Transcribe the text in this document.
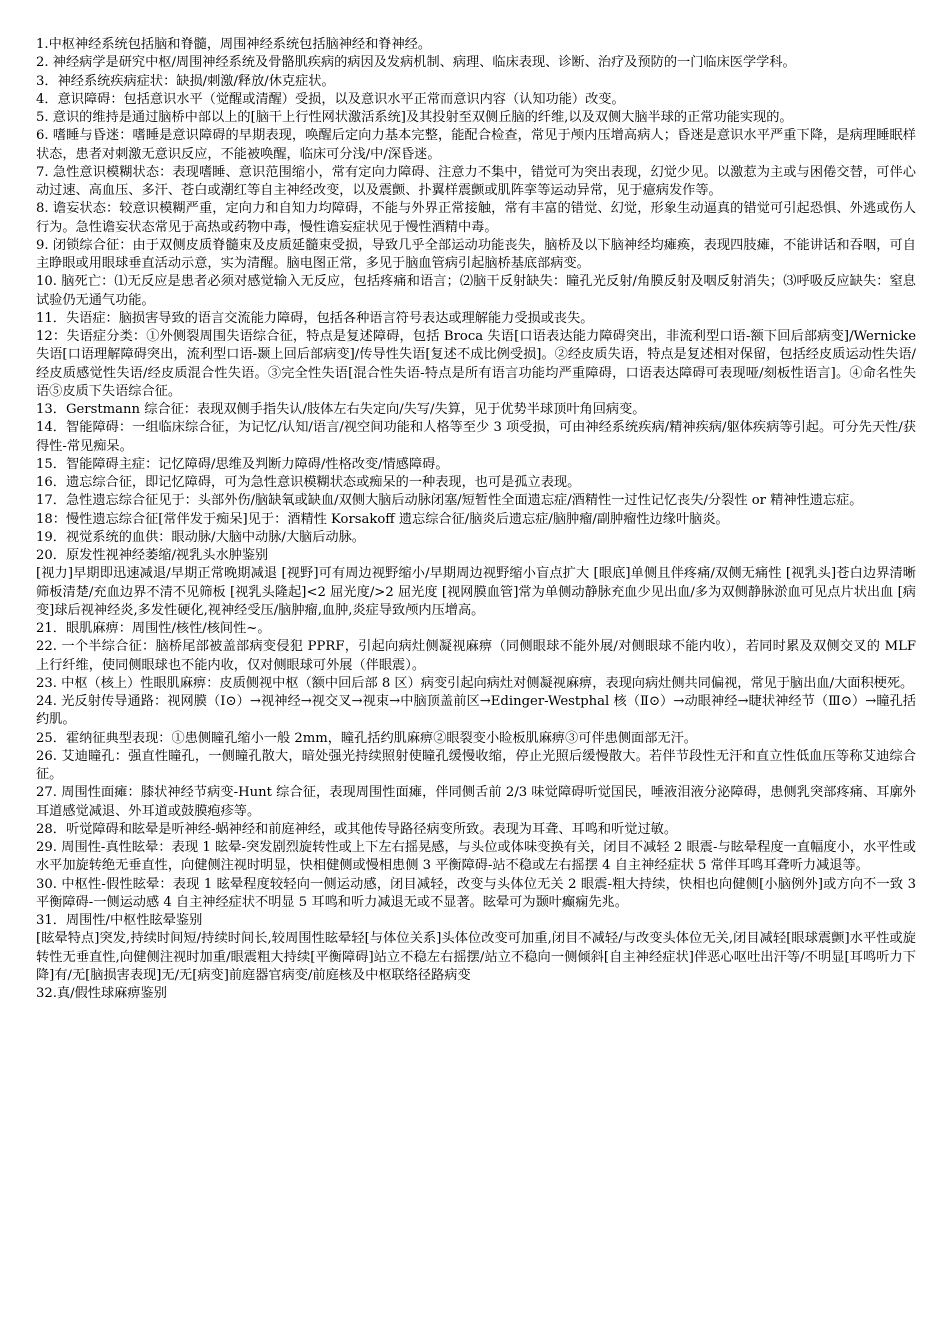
1.中枢神经系统包括脑和脊髓，周围神经系统包括脑神经和脊神经。

2. 神经病学是研究中枢/周围神经系统及骨骼肌疾病的病因及发病机制、病理、临床表现、诊断、治疗及预防的一门临床医学学科。

3．神经系统疾病症状：缺损/刺激/释放/休克症状。

4．意识障碍：包括意识水平（觉醒或清醒）受损，以及意识水平正常而意识内容（认知功能）改变。

5. 意识的维持是通过脑桥中部以上的[脑干上行性网状激活系统]及其投射至双侧丘脑的纤维,以及双侧大脑半球的正常功能实现的。

6. 嗜睡与昏迷：嗜睡是意识障碍的早期表现，唤醒后定向力基本完整，能配合检查，常见于颅内压增高病人；昏迷是意识水平严重下降，是病理睡眠样状态，患者对刺激无意识反应，不能被唤醒，临床可分浅/中/深昏迷。

7. 急性意识模糊状态：表现嗜睡、意识范围缩小，常有定向力障碍、注意力不集中，错觉可为突出表现，幻觉少见。以激惹为主或与困倦交替，可伴心动过速、高血压、多汗、苍白或潮红等自主神经改变，以及震颤、扑翼样震颤或肌阵挛等运动异常，见于癔病发作等。

8. 谵妄状态：较意识模糊严重，定向力和自知力均障碍，不能与外界正常接触，常有丰富的错觉、幻觉，形象生动逼真的错觉可引起恐惧、外逃或伤人行为。急性谵妄状态常见于高热或药物中毒，慢性谵妄症状见于慢性酒精中毒。

9. 闭锁综合征：由于双侧皮质脊髓束及皮质延髓束受损，导致几乎全部运动功能丧失，脑桥及以下脑神经均瘫痪，表现四肢瘫，不能讲话和吞咽，可自主睁眼或用眼球垂直活动示意，实为清醒。脑电图正常，多见于脑血管病引起脑桥基底部病变。

10. 脑死亡：⑴无反应是患者必须对感觉输入无反应，包括疼痛和语言；⑵脑干反射缺失：瞳孔光反射/角膜反射及咽反射消失；⑶呼吸反应缺失：窒息试验仍无通气功能。

11．失语症：脑损害导致的语言交流能力障碍，包括各种语言符号表达或理解能力受损或丧失。

12：失语症分类：①外侧裂周围失语综合征，特点是复述障碍，包括 Broca 失语[口语表达能力障碍突出，非流利型口语-额下回后部病变]/Wernicke 失语[口语理解障碍突出，流利型口语-颞上回后部病变]/传导性失语[复述不成比例受损]。②经皮质失语，特点是复述相对保留，包括经皮质运动性失语/经皮质感觉性失语/经皮质混合性失语。③完全性失语[混合性失语-特点是所有语言功能均严重障碍，口语表达障碍可表现哑/刻板性语言]。④命名性失语⑤皮质下失语综合征。

13．Gerstmann 综合征：表现双侧手指失认/肢体左右失定向/失写/失算，见于优势半球顶叶角回病变。

14．智能障碍：一组临床综合征，为记忆/认知/语言/视空间功能和人格等至少 3 项受损，可由神经系统疾病/精神疾病/躯体疾病等引起。可分先天性/获得性-常见痴呆。

15．智能障碍主症：记忆障碍/思维及判断力障碍/性格改变/情感障碍。

16．遗忘综合征，即记忆障碍，可为急性意识模糊状态或痴呆的一种表现，也可是孤立表现。

17．急性遗忘综合征见于：头部外伤/脑缺氧或缺血/双侧大脑后动脉闭塞/短暂性全面遗忘症/酒精性一过性记忆丧失/分裂性 or 精神性遗忘症。

18：慢性遗忘综合征[常伴发于痴呆]见于：酒精性 Korsakoff 遗忘综合征/脑炎后遗忘症/脑肿瘤/副肿瘤性边缘叶脑炎。

19．视觉系统的血供：眼动脉/大脑中动脉/大脑后动脉。

20．原发性视神经萎缩/视乳头水肿鉴别

[视力]早期即迅速减退/早期正常晚期减退 [视野]可有周边视野缩小/早期周边视野缩小盲点扩大 [眼底]单侧且伴疼痛/双侧无痛性 [视乳头]苍白边界清晰筛板清楚/充血边界不清不见筛板 [视乳头隆起]<2 屈光度/>2 屈光度 [视网膜血管]常为单侧动静脉充血少见出血/多为双侧静脉淤血可见点片状出血 [病变]球后视神经炎,多发性硬化,视神经受压/脑肿瘤,血肿,炎症导致颅内压增高。

21．眼肌麻痹：周围性/核性/核间性~。

22. 一个半综合征：脑桥尾部被盖部病变侵犯 PPRF，引起向病灶侧凝视麻痹（同侧眼球不能外展/对侧眼球不能内收），若同时累及双侧交叉的 MLF 上行纤维，使同侧眼球也不能内收，仅对侧眼球可外展（伴眼震）。

23. 中枢（核上）性眼肌麻痹：皮质侧视中枢（额中回后部 8 区）病变引起向病灶对侧凝视麻痹，表现向病灶侧共同偏视，常见于脑出血/大面积梗死。

24. 光反射传导通路：视网膜（Ⅰ⊙）→视神经→视交叉→视束→中脑顶盖前区→Edinger-Westphal 核（Ⅱ⊙）→动眼神经→睫状神经节（Ⅲ⊙）→瞳孔括约肌。

25．霍纳征典型表现：①患侧瞳孔缩小一般 2mm，瞳孔括约肌麻痹②眼裂变小睑板肌麻痹③可伴患侧面部无汗。

26. 艾迪瞳孔：强直性瞳孔，一侧瞳孔散大，暗处强光持续照射使瞳孔缓慢收缩，停止光照后缓慢散大。若伴节段性无汗和直立性低血压等称艾迪综合征。

27. 周围性面瘫：膝状神经节病变-Hunt 综合征，表现周围性面瘫，伴同侧舌前 2/3 味觉障碍听觉国民，唾液泪液分泌障碍，患侧乳突部疼痛、耳廓外耳道感觉减退、外耳道或鼓膜疱疹等。

28．听觉障碍和眩晕是听神经-蜗神经和前庭神经，或其他传导路径病变所致。表现为耳聋、耳鸣和听觉过敏。

29. 周围性-真性眩晕：表现 1 眩晕-突发剧烈旋转性或上下左右摇晃感，与头位或体味变换有关，闭目不减轻 2 眼震-与眩晕程度一直幅度小，水平性或水平加旋转绝无垂直性，向健侧注视时明显，快相健侧或慢相患侧 3 平衡障碍-站不稳或左右摇摆 4 自主神经症状 5 常伴耳鸣耳聋听力减退等。

30. 中枢性-假性眩晕：表现 1 眩晕程度较轻向一侧运动感，闭目减轻，改变与头体位无关 2 眼震-粗大持续，快相也向健侧[小脑例外]或方向不一致 3 平衡障碍-一侧运动感 4 自主神经症状不明显 5 耳鸣和听力减退无或不显著。眩晕可为颞叶癫痫先兆。

31．周围性/中枢性眩晕鉴别

[眩晕特点]突发,持续时间短/持续时间长,较周围性眩晕轻[与体位关系]头体位改变可加重,闭目不减轻/与改变头体位无关,闭目减轻[眼球震颤]水平性或旋转性无垂直性,向健侧注视时加重/眼震粗大持续[平衡障碍]站立不稳左右摇摆/站立不稳向一侧倾斜[自主神经症状]伴恶心呕吐出汗等/不明显[耳鸣听力下降]有/无[脑损害表现]无/无[病变]前庭器官病变/前庭核及中枢联络径路病变

32.真/假性球麻痹鉴别
